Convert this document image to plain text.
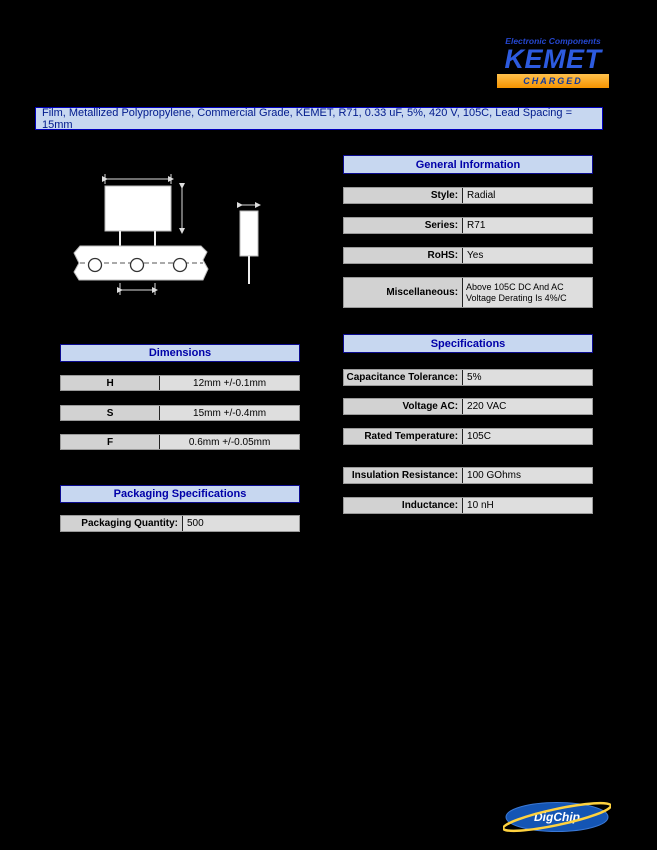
Electronic Components
KEMET
CHARGED
Film, Metallized Polypropylene, Commercial Grade, KEMET, R71, 0.33 uF, 5%, 420 V, 105C, Lead Spacing = 15mm
General Information
Style: Radial
Series: R71
RoHS: Yes
Miscellaneous: Above 105C DC And AC Voltage Derating Is 4%/C
Dimensions
H	12mm +/-0.1mm
S	15mm +/-0.4mm
F	0.6mm +/-0.05mm
Specifications
Capacitance Tolerance: 5%
Voltage AC: 220 VAC
Rated Temperature: 105C
Insulation Resistance: 100 GOhms
Inductance: 10 nH
Packaging Specifications
Packaging Quantity: 500
DigChip
